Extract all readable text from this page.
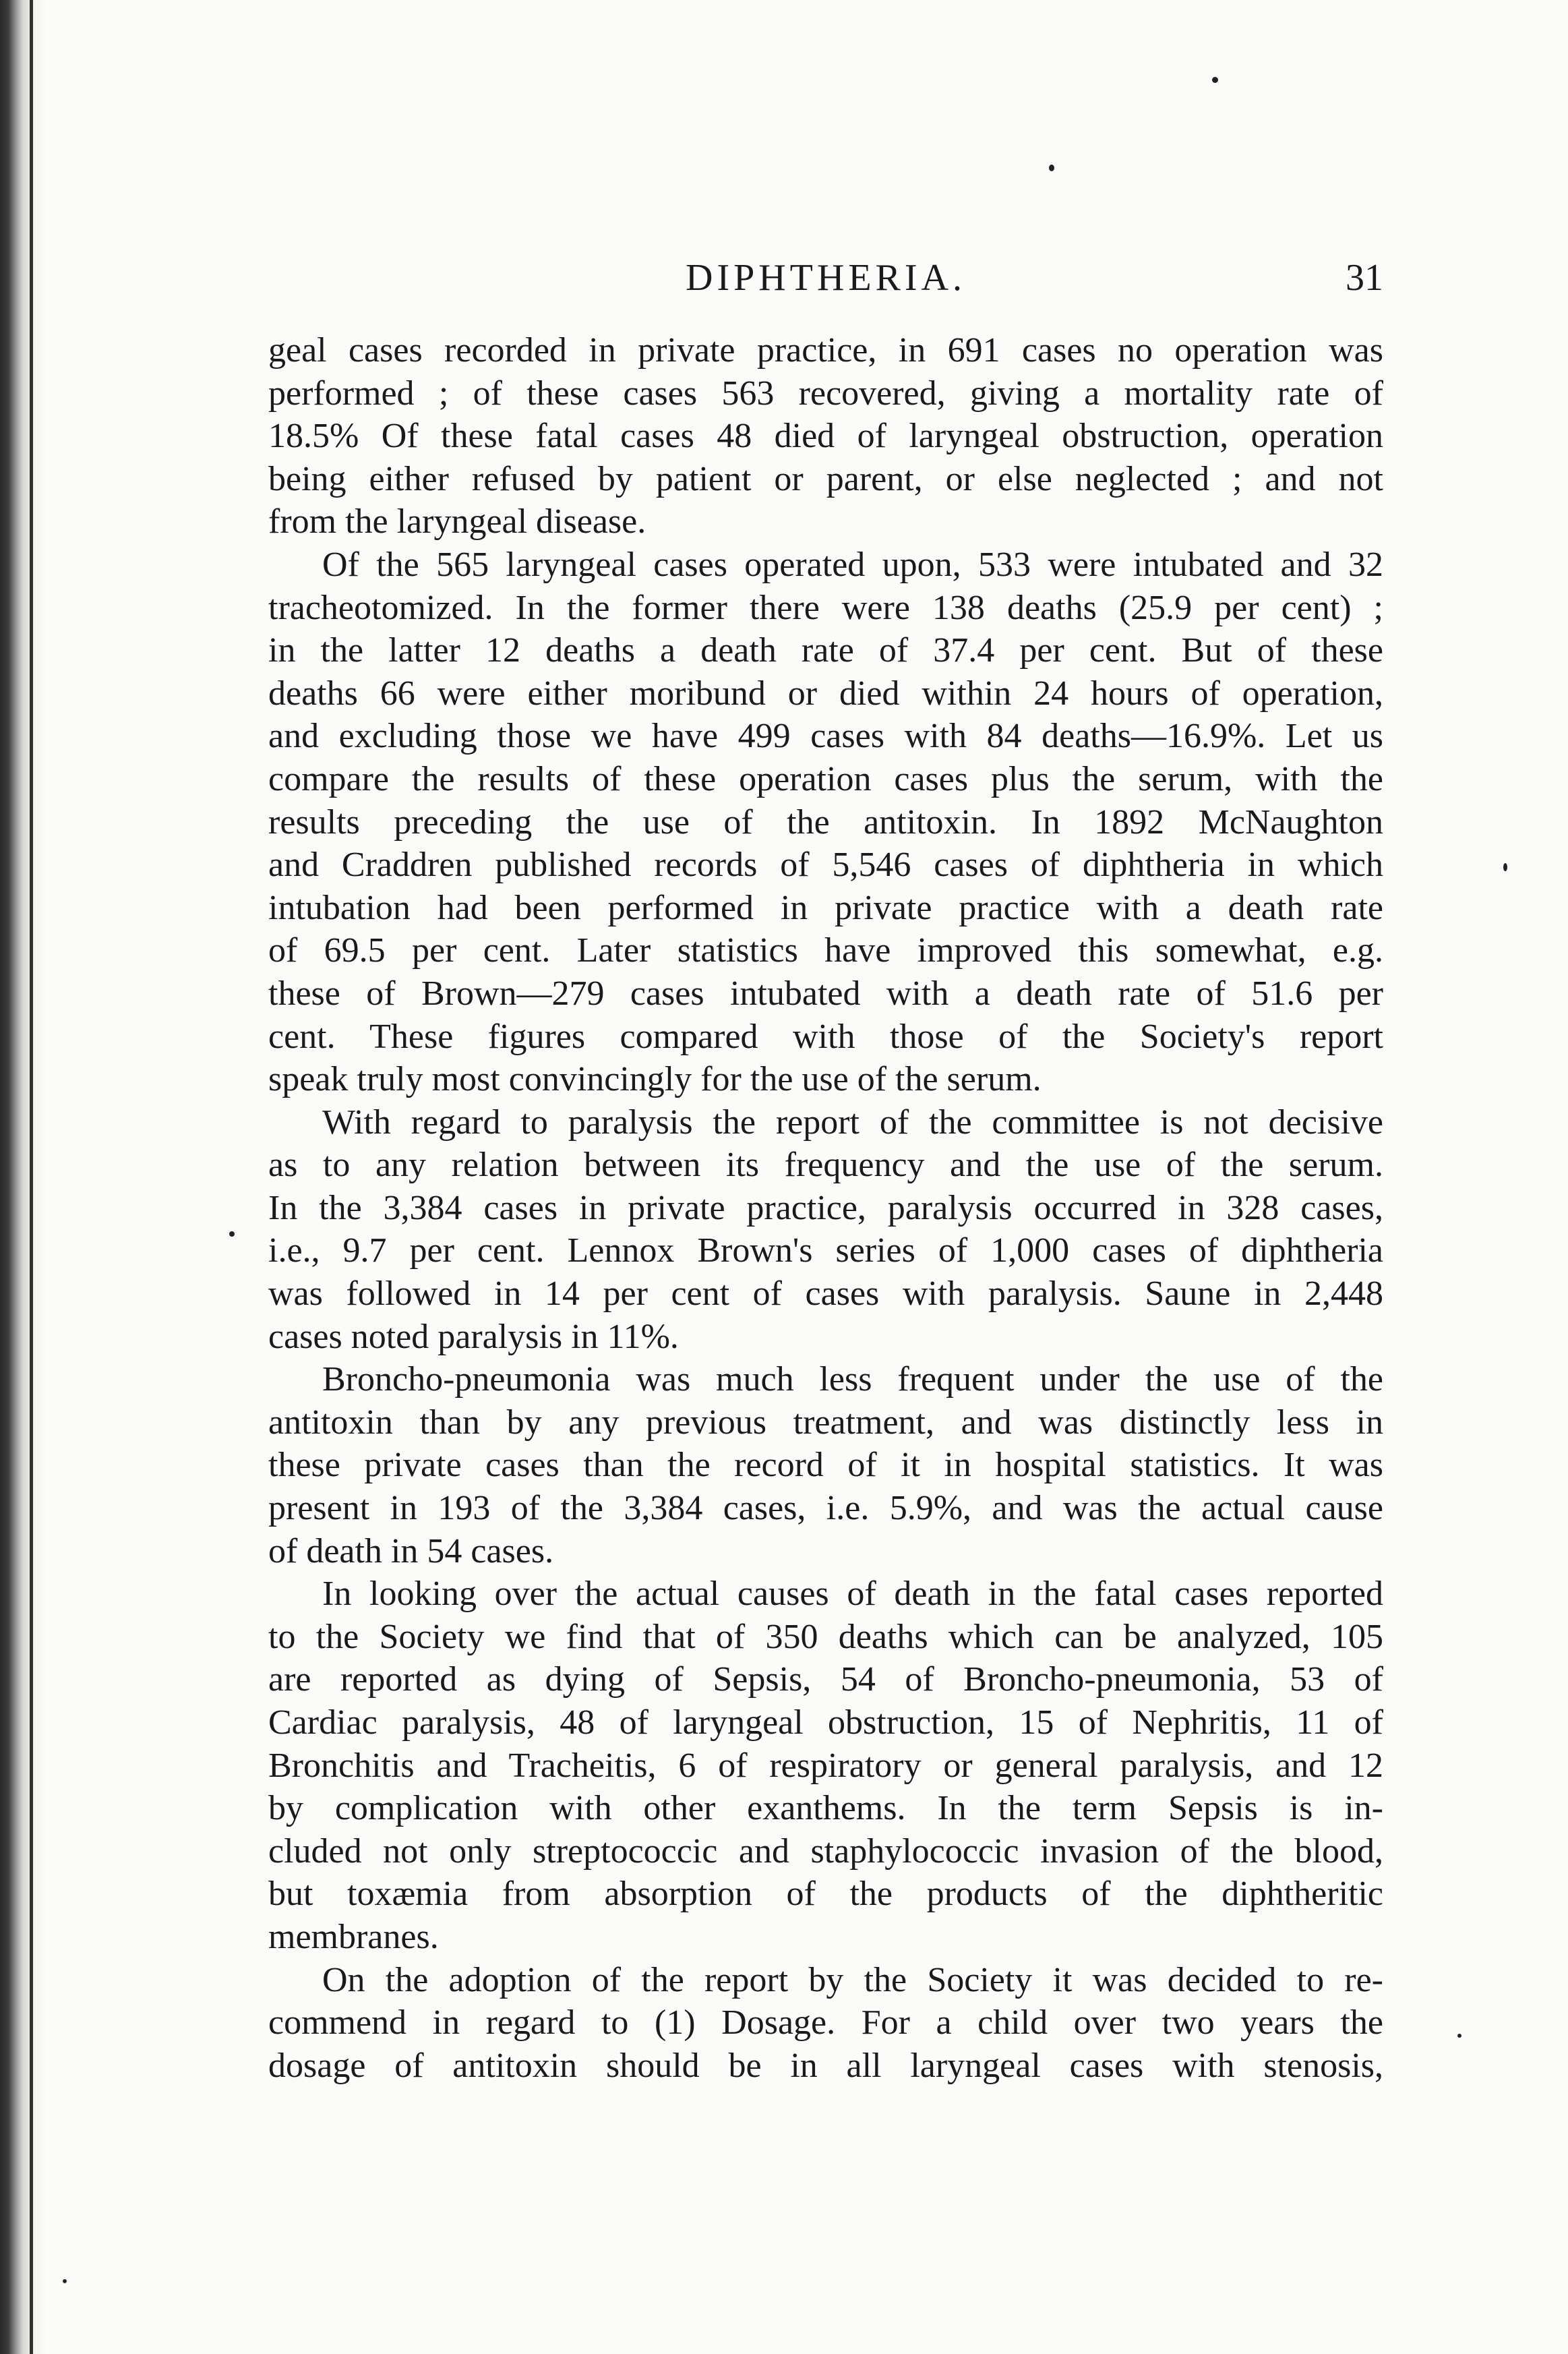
DIPHTHERIA.	31
geal cases recorded in private practice, in 691 cases no operation was
performed ; of these cases 563 recovered, giving a mortality rate of
18.5% Of these fatal cases 48 died of laryngeal obstruction, operation
being either refused by patient or parent, or else neglected ; and not
from the laryngeal disease.
Of the 565 laryngeal cases operated upon, 533 were intubated and 32
tracheotomized. In the former there were 138 deaths (25.9 per cent) ;
in the latter 12 deaths a death rate of 37.4 per cent. But of these
deaths 66 were either moribund or died within 24 hours of operation,
and excluding those we have 499 cases with 84 deaths—16.9%. Let us
compare the results of these operation cases plus the serum, with the
results preceding the use of the antitoxin. In 1892 McNaughton
and Craddren published records of 5,546 cases of diphtheria in which
intubation had been performed in private practice with a death rate
of 69.5 per cent. Later statistics have improved this somewhat, e.g.
these of Brown—279 cases intubated with a death rate of 51.6 per
cent. These figures compared with those of the Society's report
speak truly most convincingly for the use of the serum.
With regard to paralysis the report of the committee is not decisive
as to any relation between its frequency and the use of the serum.
In the 3,384 cases in private practice, paralysis occurred in 328 cases,
i.e., 9.7 per cent. Lennox Brown's series of 1,000 cases of diphtheria
was followed in 14 per cent of cases with paralysis. Saune in 2,448
cases noted paralysis in 11%.
Broncho-pneumonia was much less frequent under the use of the
antitoxin than by any previous treatment, and was distinctly less in
these private cases than the record of it in hospital statistics. It was
present in 193 of the 3,384 cases, i.e. 5.9%, and was the actual cause
of death in 54 cases.
In looking over the actual causes of death in the fatal cases reported
to the Society we find that of 350 deaths which can be analyzed, 105
are reported as dying of Sepsis, 54 of Broncho-pneumonia, 53 of
Cardiac paralysis, 48 of laryngeal obstruction, 15 of Nephritis, 11 of
Bronchitis and Tracheitis, 6 of respiratory or general paralysis, and 12
by complication with other exanthems. In the term Sepsis is in-
cluded not only streptococcic and staphylococcic invasion of the blood,
but toxæmia from absorption of the products of the diphtheritic
membranes.
On the adoption of the report by the Society it was decided to re-
commend in regard to (1) Dosage. For a child over two years the
dosage of antitoxin should be in all laryngeal cases with stenosis,
